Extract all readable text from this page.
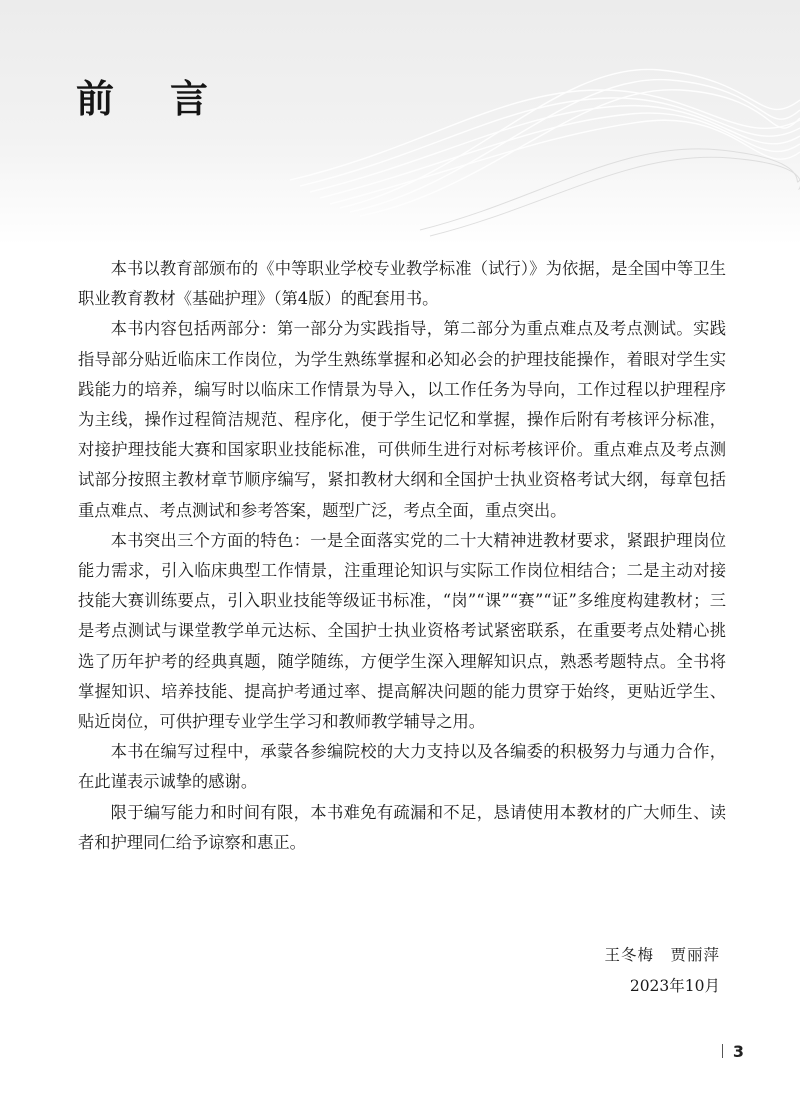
前言

本书以教育部颁布的《中等职业学校专业教学标准（试行）》为依据，是全国中等卫生职业教育教材《基础护理》（第4版）的配套用书。

本书内容包括两部分：第一部分为实践指导，第二部分为重点难点及考点测试。实践指导部分贴近临床工作岗位，为学生熟练掌握和必知必会的护理技能操作，着眼对学生实践能力的培养，编写时以临床工作情景为导入，以工作任务为导向，工作过程以护理程序为主线，操作过程简洁规范、程序化，便于学生记忆和掌握，操作后附有考核评分标准，对接护理技能大赛和国家职业技能标准，可供师生进行对标考核评价。重点难点及考点测试部分按照主教材章节顺序编写，紧扣教材大纲和全国护士执业资格考试大纲，每章包括重点难点、考点测试和参考答案，题型广泛，考点全面，重点突出。

本书突出三个方面的特色：一是全面落实党的二十大精神进教材要求，紧跟护理岗位能力需求，引入临床典型工作情景，注重理论知识与实际工作岗位相结合；二是主动对接技能大赛训练要点，引入职业技能等级证书标准，“岗”“课”“赛”“证”多维度构建教材；三是考点测试与课堂教学单元达标、全国护士执业资格考试紧密联系，在重要考点处精心挑选了历年护考的经典真题，随学随练，方便学生深入理解知识点，熟悉考题特点。全书将掌握知识、培养技能、提高护考通过率、提高解决问题的能力贯穿于始终，更贴近学生、贴近岗位，可供护理专业学生学习和教师教学辅导之用。

本书在编写过程中，承蒙各参编院校的大力支持以及各编委的积极努力与通力合作，在此谨表示诚挚的感谢。

限于编写能力和时间有限，本书难免有疏漏和不足，恳请使用本教材的广大师生、读者和护理同仁给予谅察和惠正。

王冬梅　贾丽萍
2023年10月
3
